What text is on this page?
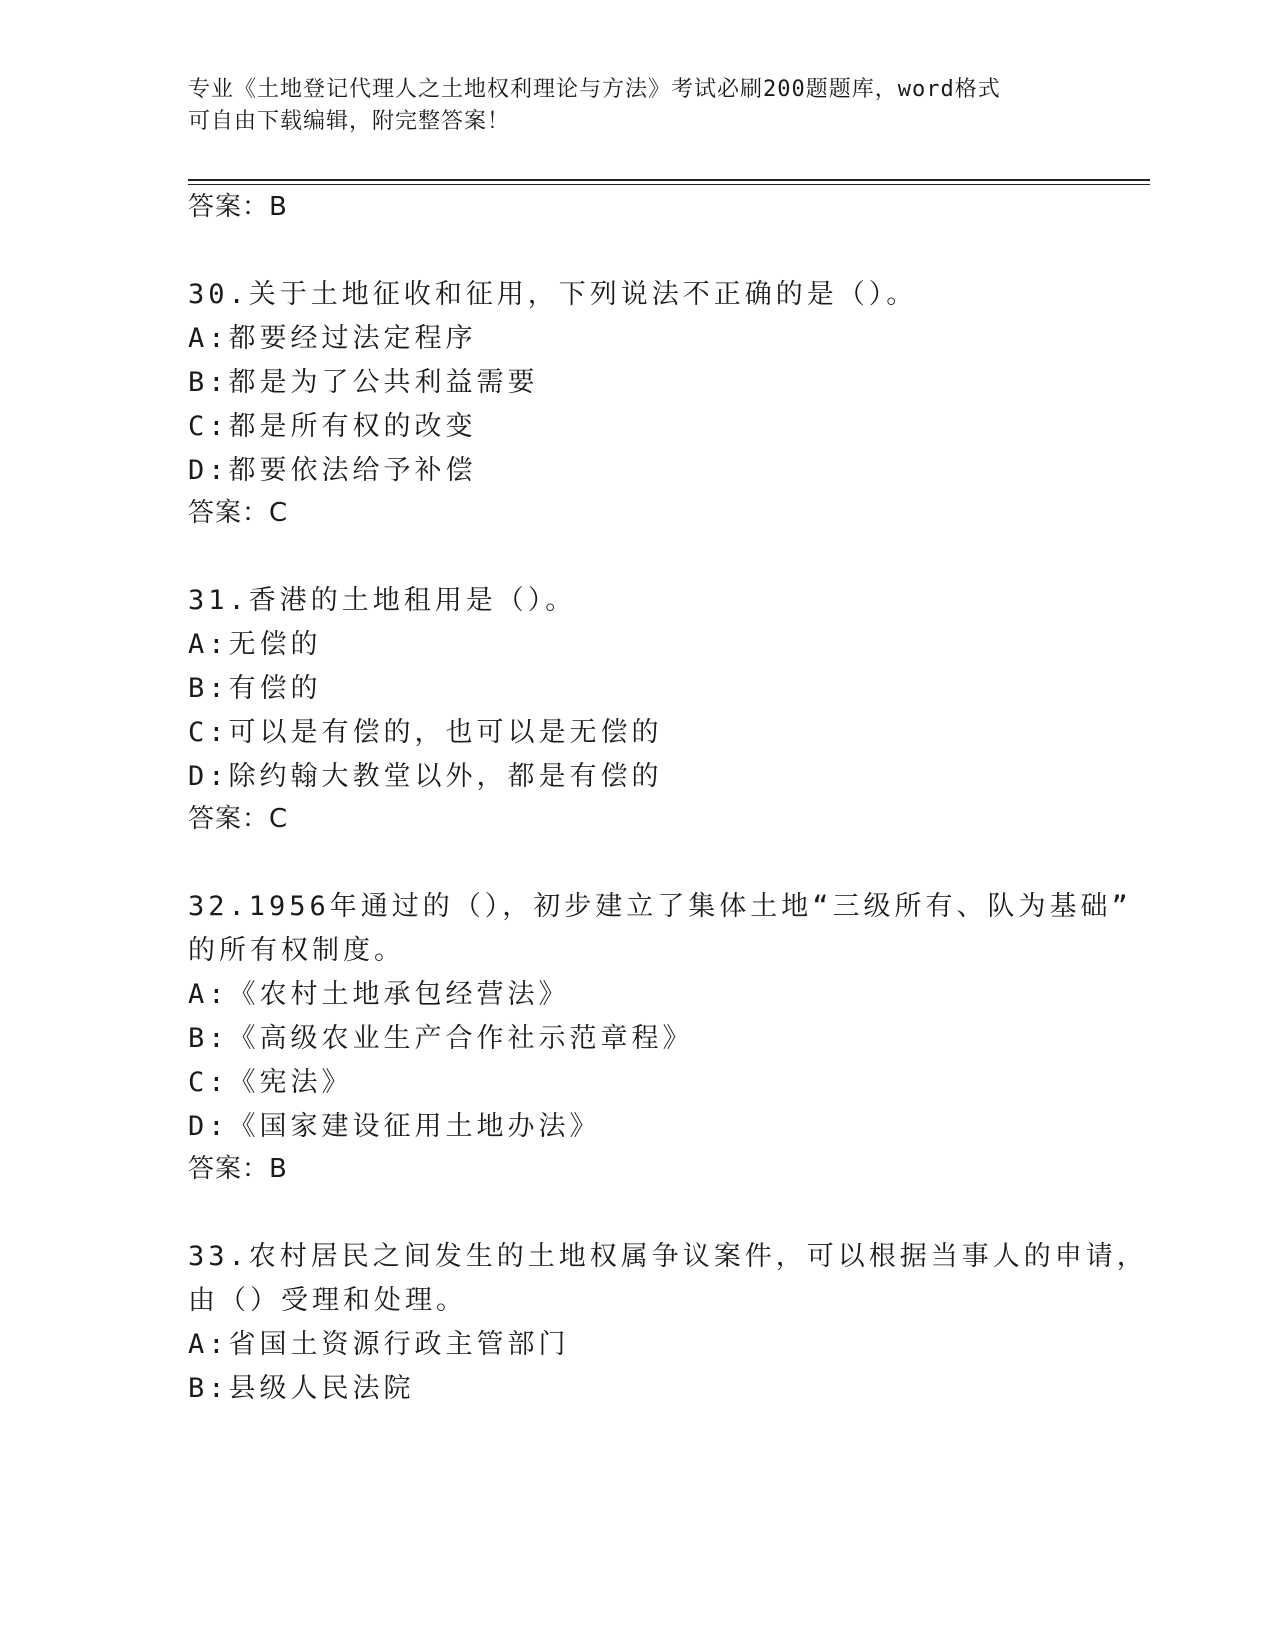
专业《土地登记代理人之土地权利理论与方法》考试必刷200题题库，word格式
可自由下载编辑，附完整答案！
答案：B
30.关于土地征收和征用，下列说法不正确的是（）。
A:都要经过法定程序
B:都是为了公共利益需要
C:都是所有权的改变
D:都要依法给予补偿
答案：C
31.香港的土地租用是（）。
A:无偿的
B:有偿的
C:可以是有偿的，也可以是无偿的
D:除约翰大教堂以外，都是有偿的
答案：C
32.1956年通过的（），初步建立了集体土地“三级所有、队为基础”
的所有权制度。
A:《农村土地承包经营法》
B:《高级农业生产合作社示范章程》
C:《宪法》
D:《国家建设征用土地办法》
答案：B
33.农村居民之间发生的土地权属争议案件，可以根据当事人的申请，
由（）受理和处理。
A:省国土资源行政主管部门
B:县级人民法院
